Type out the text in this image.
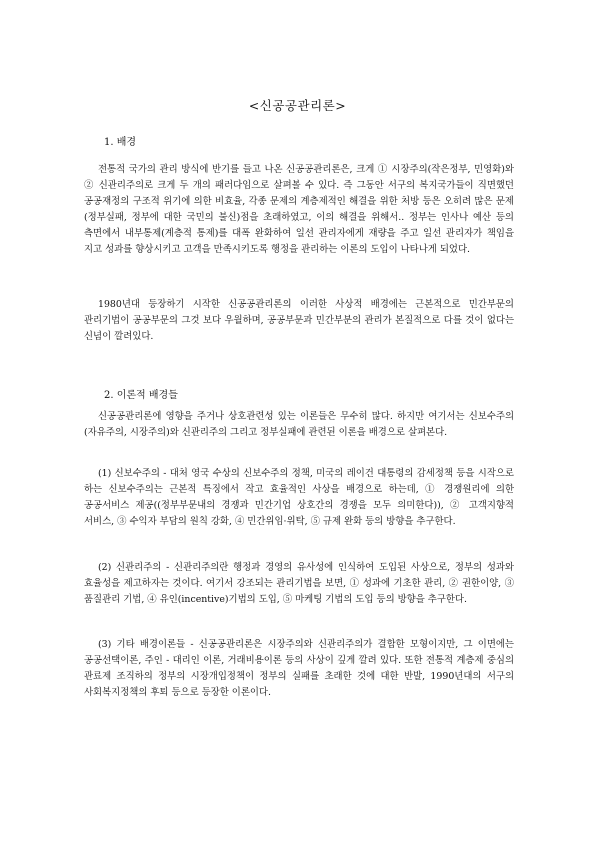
<신공공관리론>
1. 배경

전통적 국가의 관리 방식에 반기를 들고 나온 신공공관리론은, 크게 ① 시장주의(작은정부, 민영화)와 ② 신관리주의로 크게 두 개의 패러다임으로 살펴볼 수 있다. 즉 그동안 서구의 복지국가들이 직면했던 공공재정의 구조적 위기에 의한 비효율, 각종 문제의 계층제적인 해결을 위한 처방 등은 오히려 많은 문제(정부실패, 정부에 대한 국민의 불신)점을 초래하였고, 이의 해결을 위해서.. 정부는 인사나 예산 등의 측면에서 내부통제(계층적 통제)를 대폭 완화하여 일선 관리자에게 재량을 주고 일선 관리자가 책임을 지고 성과를 향상시키고 고객을 만족시키도록 행정을 관리하는 이론의 도입이 나타나게 되었다.

1980년대 등장하기 시작한 신공공관리론의 이러한 사상적 배경에는 근본적으로 민간부문의 관리기법이 공공부문의 그것 보다 우월하며, 공공부문과 민간부분의 관리가 본질적으로 다를 것이 없다는 신념이 깔려있다.

2. 이론적 배경들

신공공관리론에 영향을 주거나 상호관련성 있는 이론들은 무수히 많다. 하지만 여기서는 신보수주의(자유주의, 시장주의)와 신관리주의 그리고 정부실패에 관련된 이론을 배경으로 살펴본다.

(1) 신보수주의 - 대처 영국 수상의 신보수주의 정책, 미국의 레이건 대통령의 감세정책 등을 시작으로 하는 신보수주의는 근본적 특징에서 작고 효율적인 사상을 배경으로 하는데, ① 경쟁원리에 의한 공공서비스 제공((정부부문내의 경쟁과 민간기업 상호간의 경쟁을 모두 의미한다)), ② 고객지향적 서비스, ③ 수익자 부담의 원칙 강화, ④ 민간위임·위탁, ⑤ 규제 완화 등의 방향을 추구한다.

(2) 신관리주의 - 신관리주의란 행정과 경영의 유사성에 인식하여 도입된 사상으로, 정부의 성과와 효율성을 제고하자는 것이다. 여기서 강조되는 관리기법을 보면, ① 성과에 기초한 관리, ② 권한이양, ③ 품질관리 기법, ④ 유인(incentive)기법의 도입, ⑤ 마케팅 기법의 도입 등의 방향을 추구한다.

(3) 기타 배경이론들 - 신공공관리론은 시장주의와 신관리주의가 결합한 모형이지만, 그 이면에는 공공선택이론, 주인 - 대리인 이론, 거래비용이론 등의 사상이 깊게 깔려 있다. 또한 전통적 계층제 중심의 관료제 조직하의 정부의 시장개입정책이 정부의 실패를 초래한 것에 대한 반발, 1990년대의 서구의 사회복지정책의 후퇴 등으로 등장한 이론이다.
